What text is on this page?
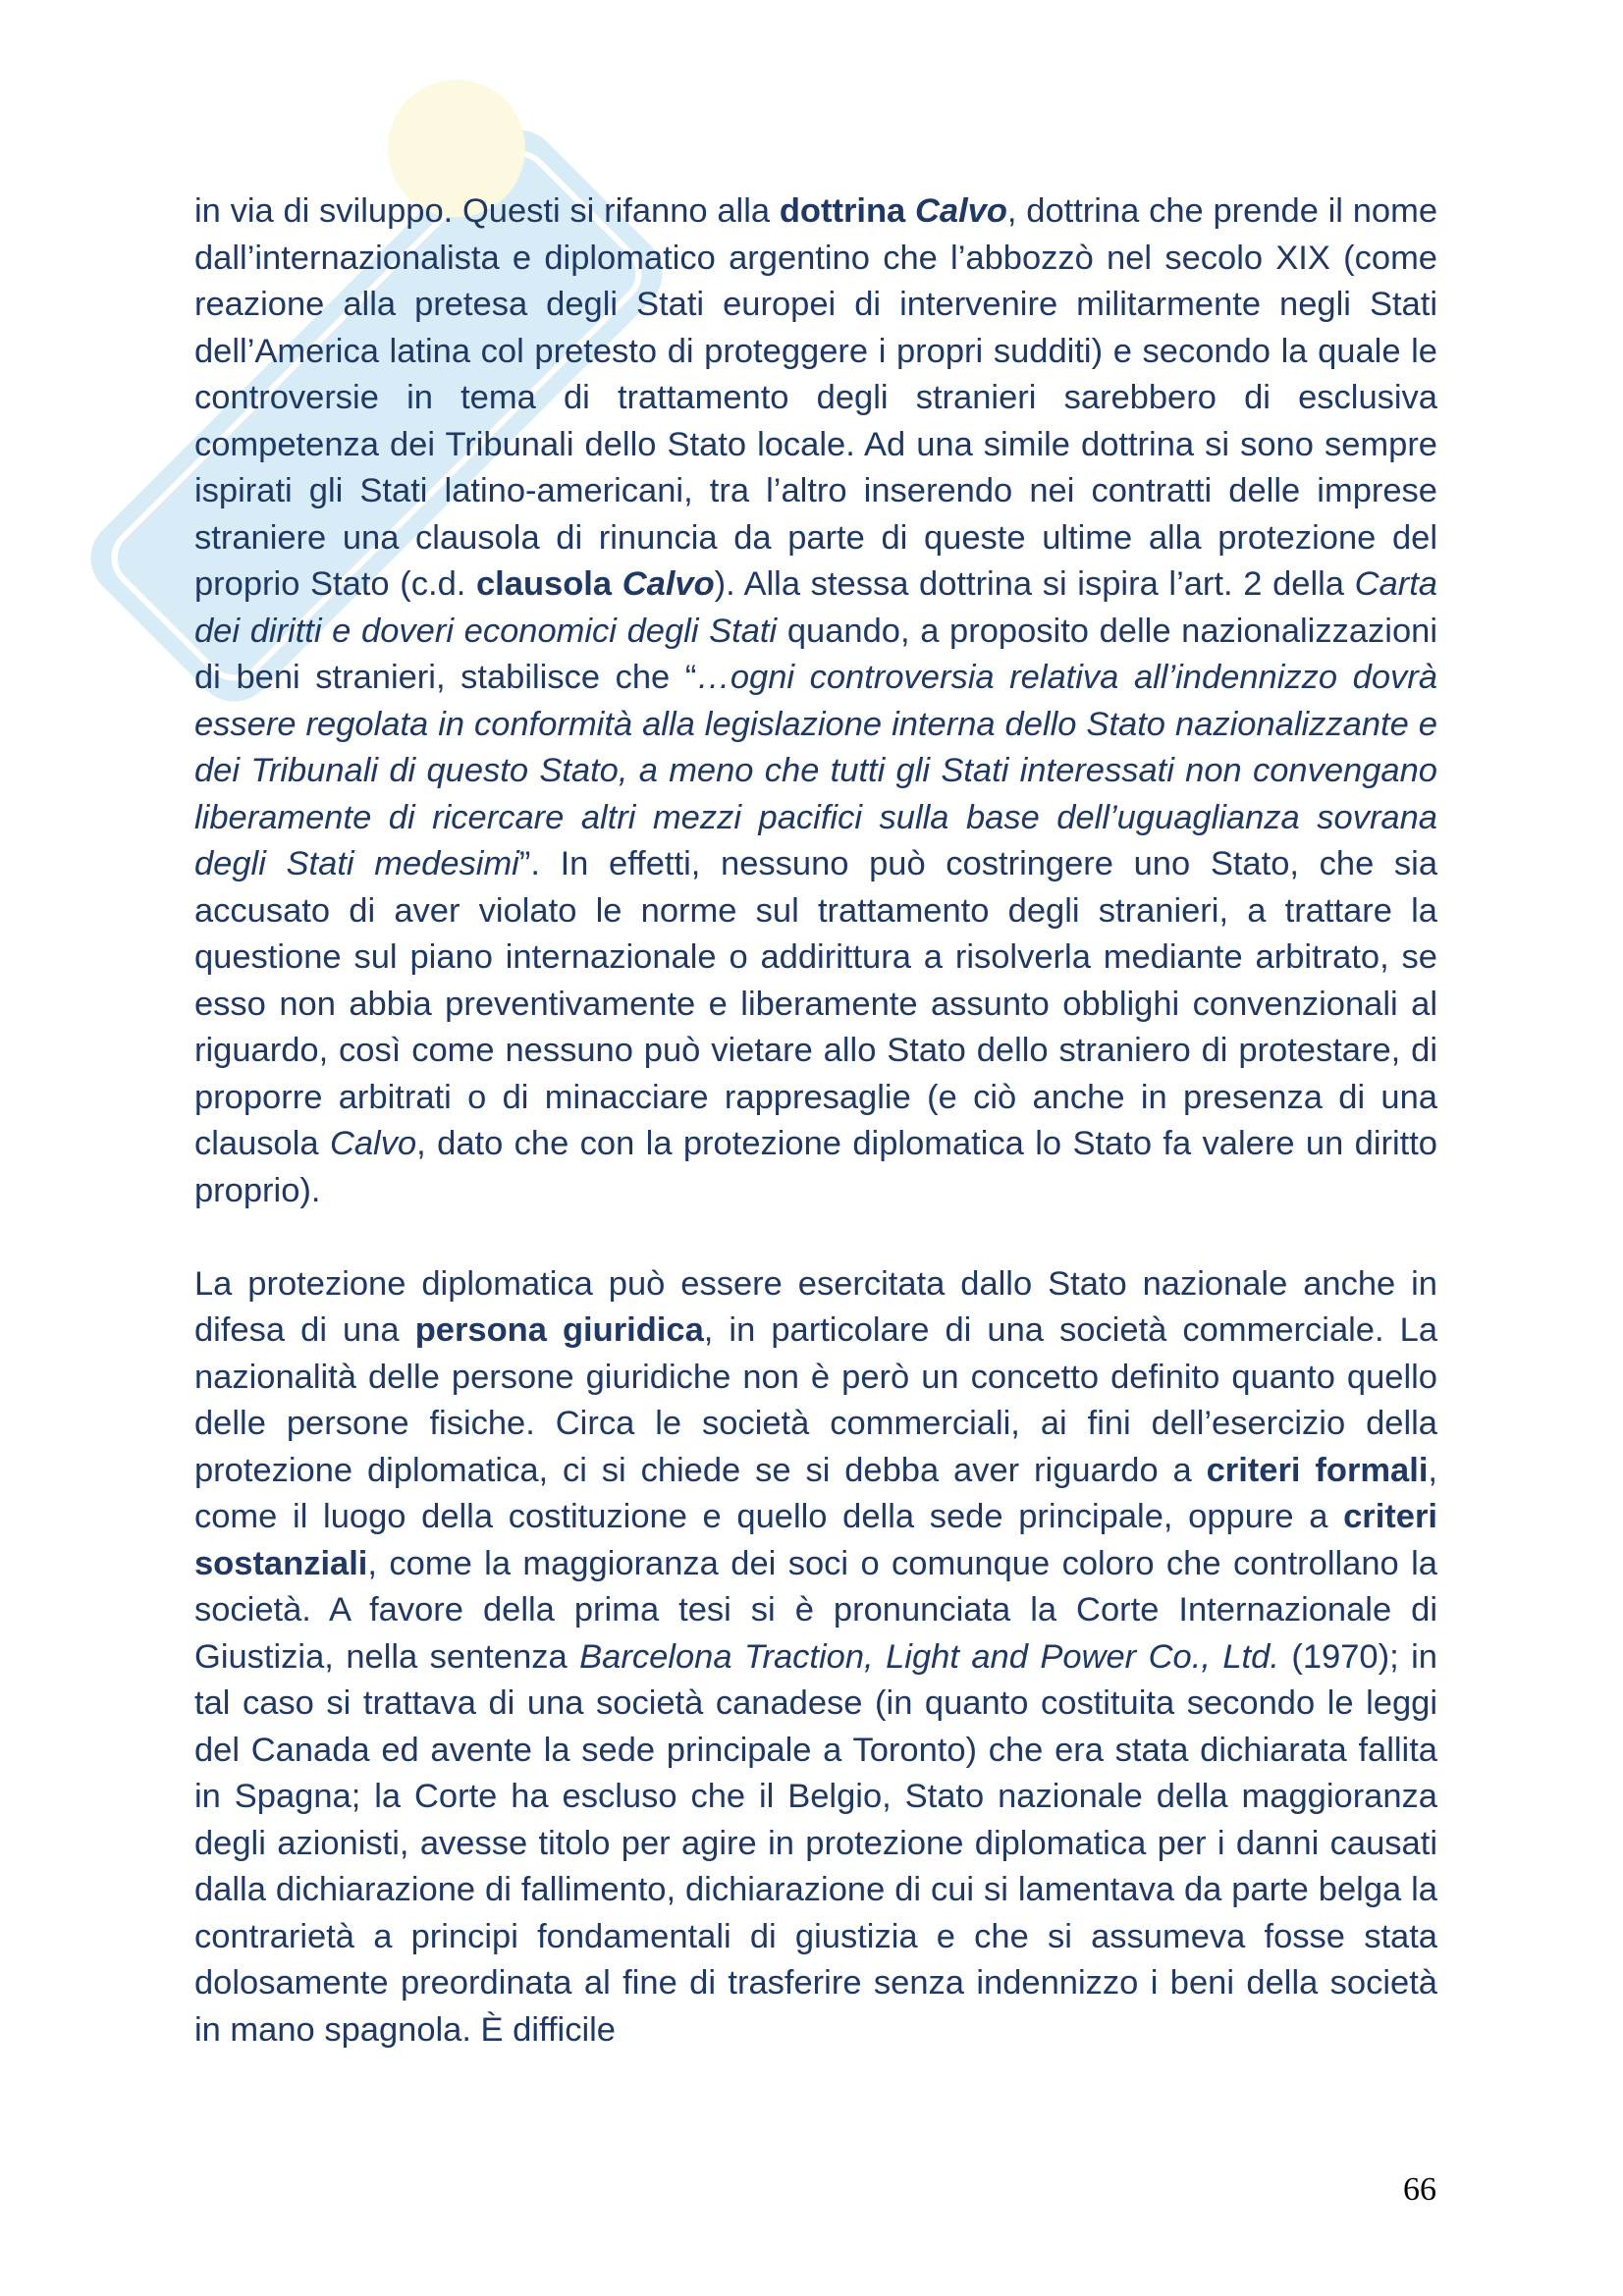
in via di sviluppo. Questi si rifanno alla dottrina Calvo, dottrina che prende il nome dall’internazionalista e diplomatico argentino che l’abbozzò nel secolo XIX (come reazione alla pretesa degli Stati europei di intervenire militarmente negli Stati dell’America latina col pretesto di proteggere i propri sudditi) e secondo la quale le controversie in tema di trattamento degli stranieri sarebbero di esclusiva competenza dei Tribunali dello Stato locale. Ad una simile dottrina si sono sempre ispirati gli Stati latino-americani, tra l’altro inserendo nei contratti delle imprese straniere una clausola di rinuncia da parte di queste ultime alla protezione del proprio Stato (c.d. clausola Calvo). Alla stessa dottrina si ispira l’art. 2 della Carta dei diritti e doveri economici degli Stati quando, a proposito delle nazionalizzazioni di beni stranieri, stabilisce che “…ogni controversia relativa all’indennizzo dovrà essere regolata in conformità alla legislazione interna dello Stato nazionalizzante e dei Tribunali di questo Stato, a meno che tutti gli Stati interessati non convengano liberamente di ricercare altri mezzi pacifici sulla base dell’uguaglianza sovrana degli Stati medesimi”. In effetti, nessuno può costringere uno Stato, che sia accusato di aver violato le norme sul trattamento degli stranieri, a trattare la questione sul piano internazionale o addirittura a risolverla mediante arbitrato, se esso non abbia preventivamente e liberamente assunto obblighi convenzionali al riguardo, così come nessuno può vietare allo Stato dello straniero di protestare, di proporre arbitrati o di minacciare rappresaglie (e ciò anche in presenza di una clausola Calvo, dato che con la protezione diplomatica lo Stato fa valere un diritto proprio).

La protezione diplomatica può essere esercitata dallo Stato nazionale anche in difesa di una persona giuridica, in particolare di una società commerciale. La nazionalità delle persone giuridiche non è però un concetto definito quanto quello delle persone fisiche. Circa le società commerciali, ai fini dell’esercizio della protezione diplomatica, ci si chiede se si debba aver riguardo a criteri formali, come il luogo della costituzione e quello della sede principale, oppure a criteri sostanziali, come la maggioranza dei soci o comunque coloro che controllano la società. A favore della prima tesi si è pronunciata la Corte Internazionale di Giustizia, nella sentenza Barcelona Traction, Light and Power Co., Ltd. (1970); in tal caso si trattava di una società canadese (in quanto costituita secondo le leggi del Canada ed avente la sede principale a Toronto) che era stata dichiarata fallita in Spagna; la Corte ha escluso che il Belgio, Stato nazionale della maggioranza degli azionisti, avesse titolo per agire in protezione diplomatica per i danni causati dalla dichiarazione di fallimento, dichiarazione di cui si lamentava da parte belga la contrarietà a principi fondamentali di giustizia e che si assumeva fosse stata dolosamente preordinata al fine di trasferire senza indennizzo i beni della società in mano spagnola. È difficile

66
